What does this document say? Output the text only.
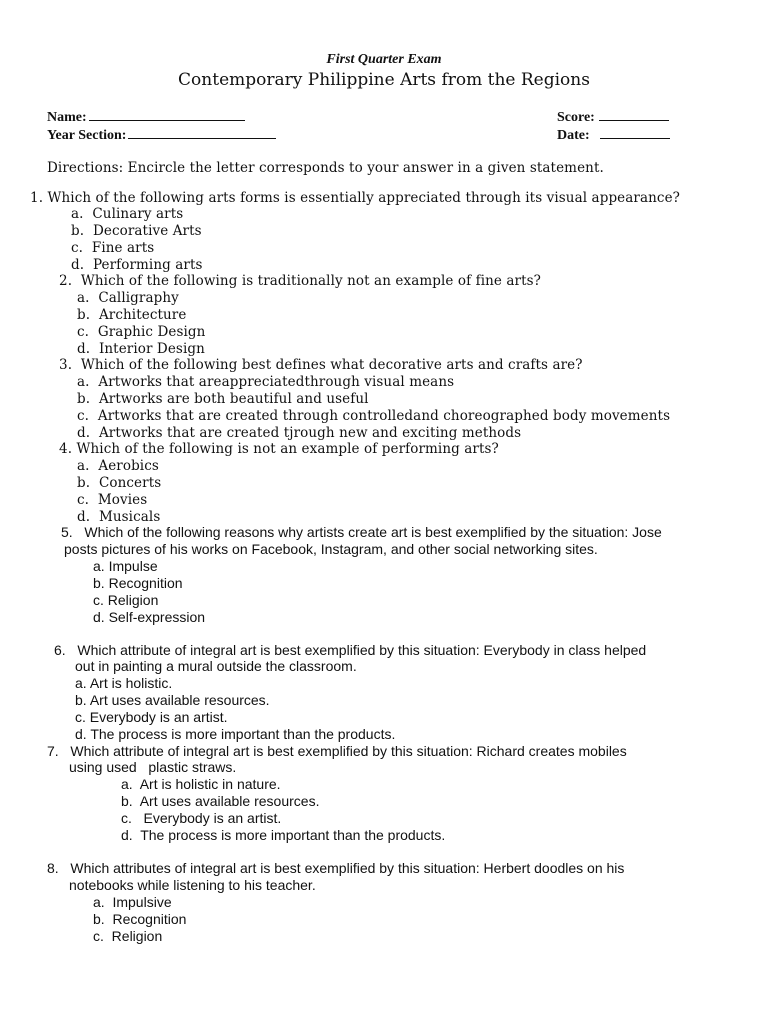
First Quarter Exam
Contemporary Philippine Arts from the Regions
Name:
Year Section:
Score:
Date:
Directions: Encircle the letter corresponds to your answer in a given statement.
1. Which of the following arts forms is essentially appreciated through its visual appearance?
a. Culinary arts
b. Decorative Arts
c. Fine arts
d. Performing arts
2. Which of the following is traditionally not an example of fine arts?
a. Calligraphy
b. Architecture
c. Graphic Design
d. Interior Design
3. Which of the following best defines what decorative arts and crafts are?
a. Artworks that areappreciatedthrough visual means
b. Artworks are both beautiful and useful
c. Artworks that are created through controlledand choreographed body movements
d. Artworks that are created tjrough new and exciting methods
4. Which of the following is not an example of performing arts?
a. Aerobics
b. Concerts
c. Movies
d. Musicals
5. Which of the following reasons why artists create art is best exemplified by the situation: Jose
posts pictures of his works on Facebook, Instagram, and other social networking sites.
a. Impulse
b. Recognition
c. Religion
d. Self-expression
6. Which attribute of integral art is best exemplified by this situation: Everybody in class helped
out in painting a mural outside the classroom.
a. Art is holistic.
b. Art uses available resources.
c. Everybody is an artist.
d. The process is more important than the products.
7. Which attribute of integral art is best exemplified by this situation: Richard creates mobiles
using used   plastic straws.
a. Art is holistic in nature.
b. Art uses available resources.
c.   Everybody is an artist.
d. The process is more important than the products.
8. Which attributes of integral art is best exemplified by this situation: Herbert doodles on his
notebooks while listening to his teacher.
a. Impulsive
b. Recognition
c. Religion
